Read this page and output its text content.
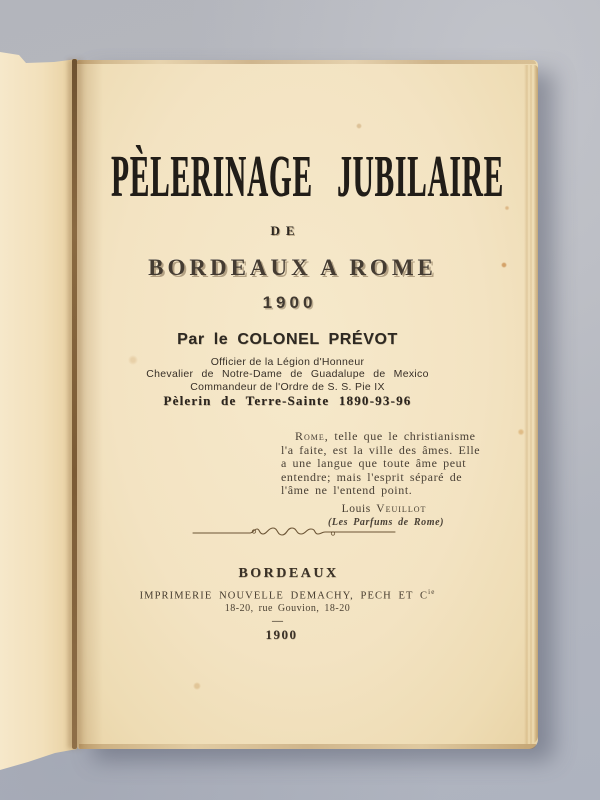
PÈLERINAGE JUBILAIRE
DE
BORDEAUX A ROME
1900
Par le COLONEL PRÉVOT
Officier de la Légion d'Honneur
Chevalier de Notre-Dame de Guadalupe de Mexico
Commandeur de l'Ordre de S. S. Pie IX
Pèlerin de Terre-Sainte 1890-93-96
Rome, telle que le christianisme
l'a faite, est la ville des âmes. Elle
a une langue que toute âme peut
entendre; mais l'esprit séparé de
l'âme ne l'entend point.
Louis Veuillot
(Les Parfums de Rome)
BORDEAUX
IMPRIMERIE NOUVELLE DEMACHY, PECH ET $C^{ie}$
18-20, rue Gouvion, 18-20
—
1900
